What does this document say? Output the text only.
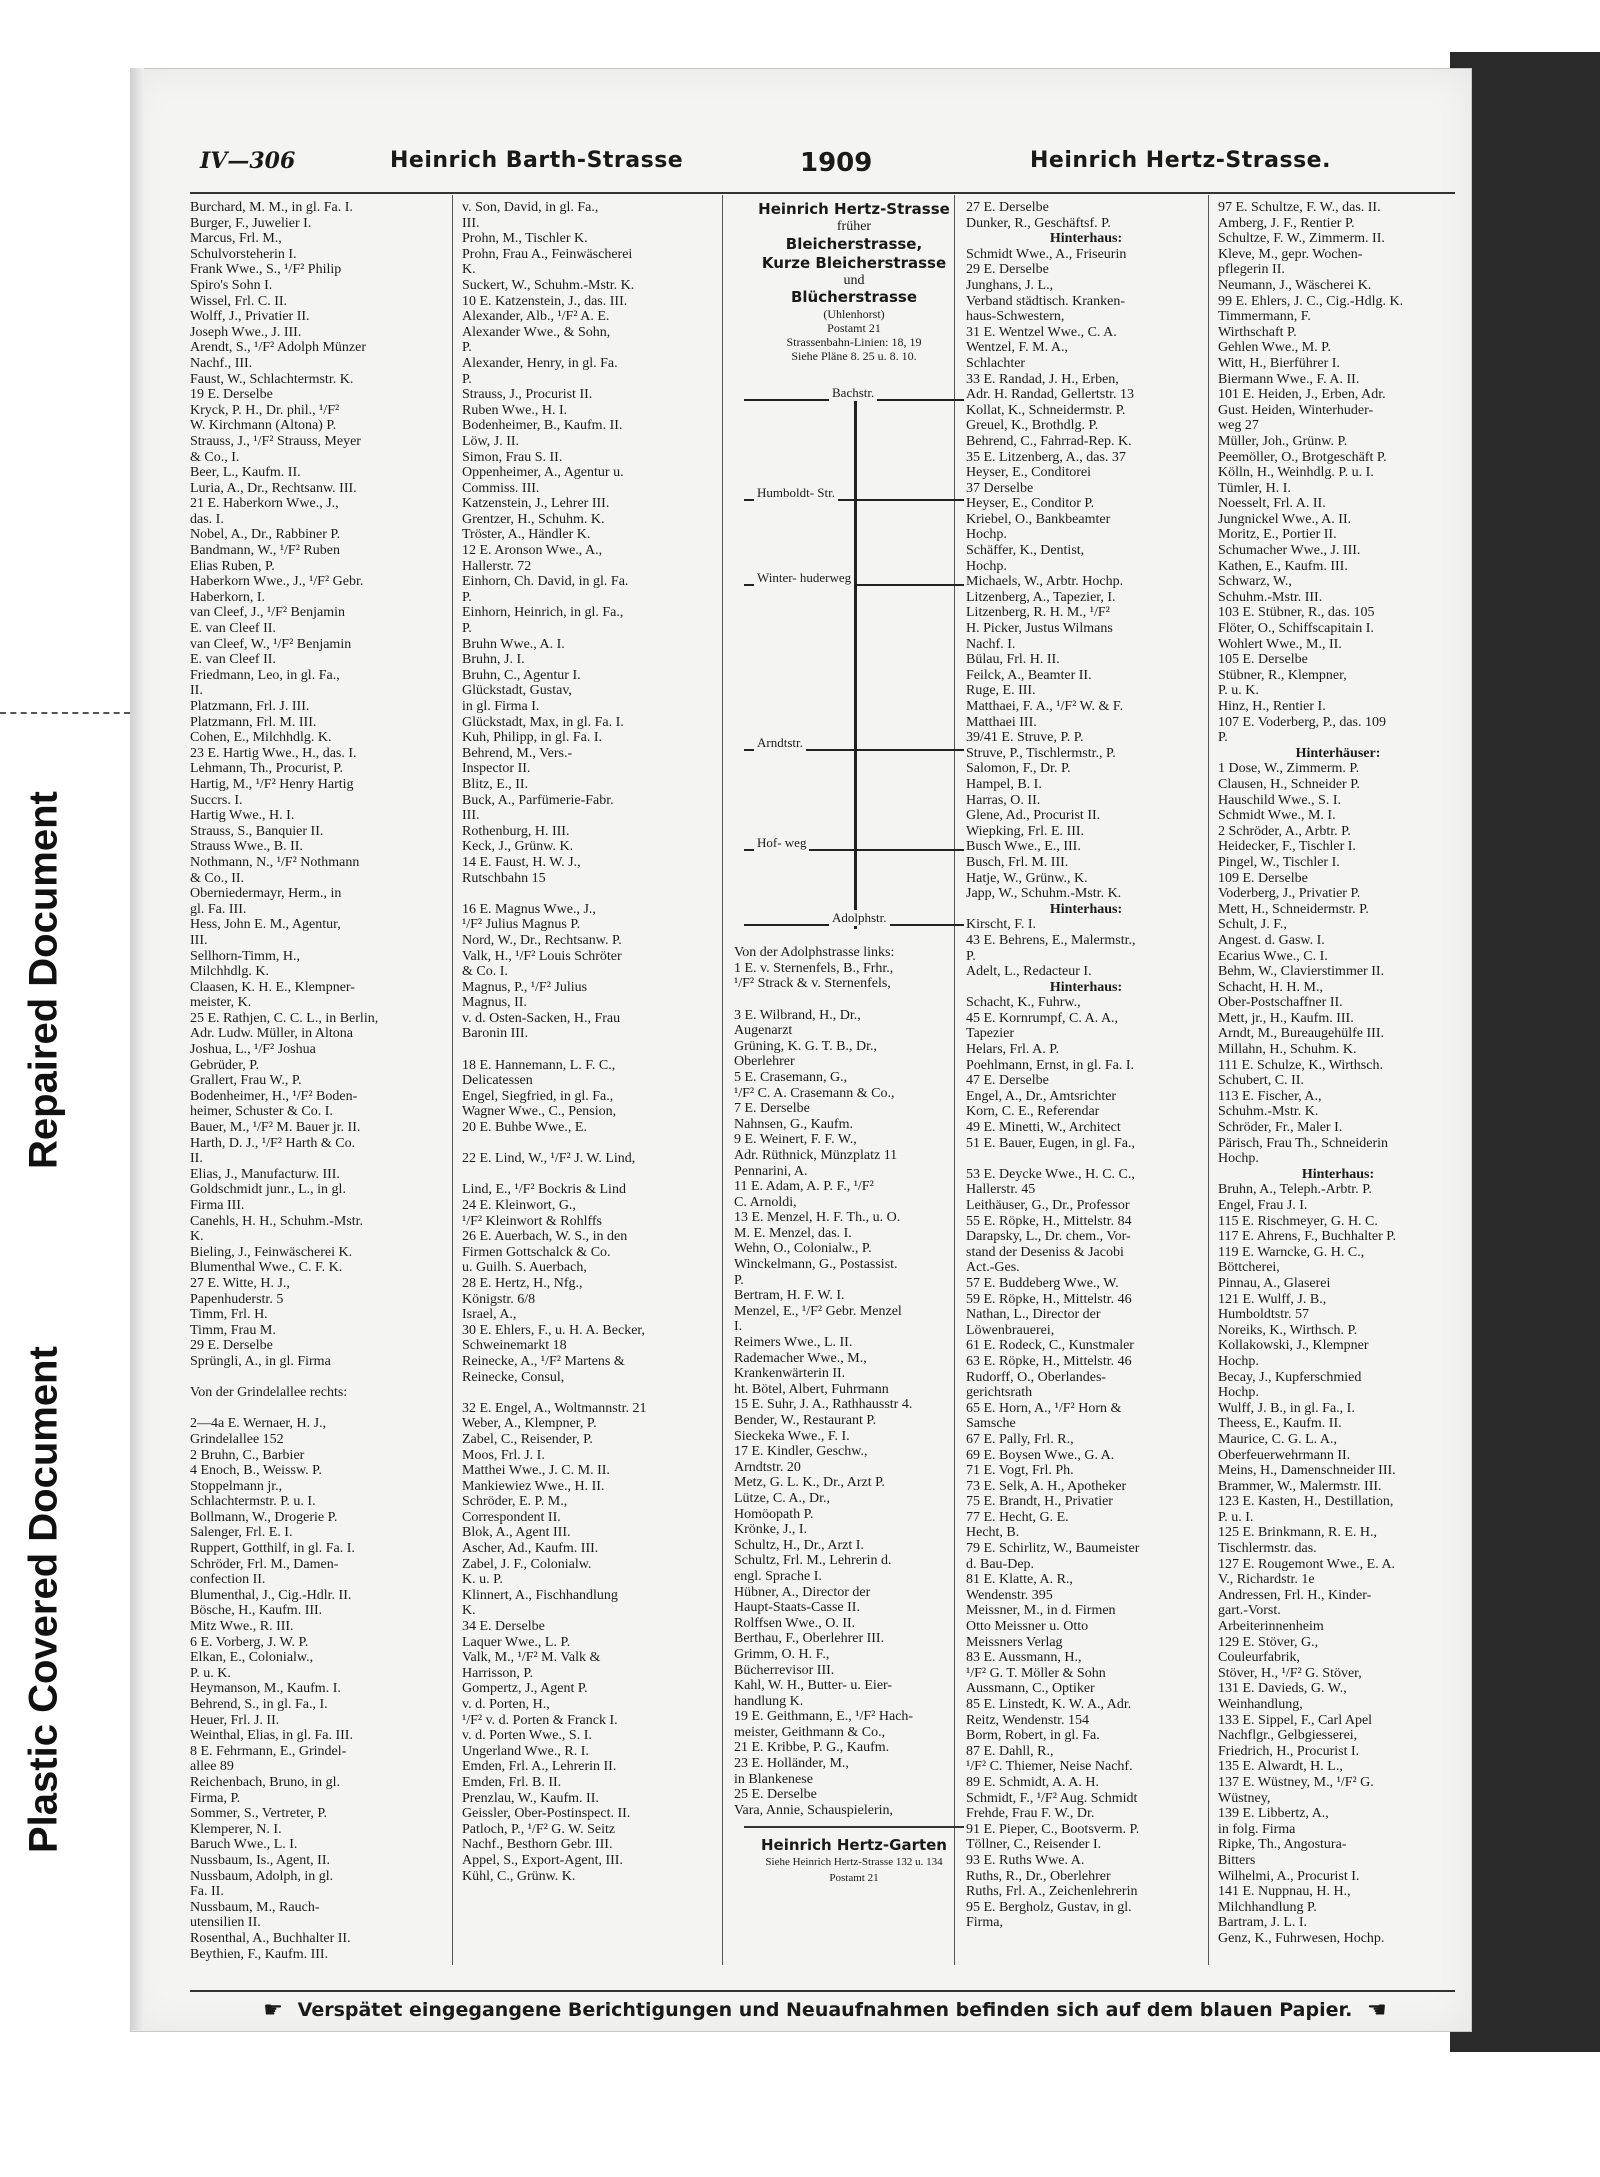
Repaired Document
Plastic Covered Document
IV—306	Heinrich Barth-Strasse	1909	Heinrich Hertz-Strasse.

Burchard, M. M., in gl. Fa. I.

Burger, F., Juwelier I.

Marcus, Frl. M.,

Schulvorsteherin I.

Frank Wwe., S., ¹/F² Philip

Spiro's Sohn I.

Wissel, Frl. C. II.

Wolff, J., Privatier II.

Joseph Wwe., J. III.

Arendt, S., ¹/F² Adolph Münzer

Nachf., III.

Faust, W., Schlachtermstr. K.

19 E. Derselbe

Kryck, P. H., Dr. phil., ¹/F²

W. Kirchmann (Altona) P.

Strauss, J., ¹/F² Strauss, Meyer

& Co., I.

Beer, L., Kaufm. II.

Luria, A., Dr., Rechtsanw. III.

21 E. Haberkorn Wwe., J.,

das. I.

Nobel, A., Dr., Rabbiner P.

Bandmann, W., ¹/F² Ruben

Elias Ruben, P.

Haberkorn Wwe., J., ¹/F² Gebr.

Haberkorn, I.

van Cleef, J., ¹/F² Benjamin

E. van Cleef II.

van Cleef, W., ¹/F² Benjamin

E. van Cleef II.

Friedmann, Leo, in gl. Fa.,

II.

Platzmann, Frl. J. III.

Platzmann, Frl. M. III.

Cohen, E., Milchhdlg. K.

23 E. Hartig Wwe., H., das. I.

Lehmann, Th., Procurist, P.

Hartig, M., ¹/F² Henry Hartig

Succrs. I.

Hartig Wwe., H. I.

Strauss, S., Banquier II.

Strauss Wwe., B. II.

Nothmann, N., ¹/F² Nothmann

& Co., II.

Oberniedermayr, Herm., in

gl. Fa. III.

Hess, John E. M., Agentur,

III.

Sellhorn-Timm, H.,

Milchhdlg. K.

Claasen, K. H. E., Klempner-

meister, K.

25 E. Rathjen, C. C. L., in Berlin,

Adr. Ludw. Müller, in Altona

Joshua, L., ¹/F² Joshua

Gebrüder, P.

Grallert, Frau W., P.

Bodenheimer, H., ¹/F² Boden-

heimer, Schuster & Co. I.

Bauer, M., ¹/F² M. Bauer jr. II.

Harth, D. J., ¹/F² Harth & Co.

II.

Elias, J., Manufacturw. III.

Goldschmidt junr., L., in gl.

Firma III.

Canehls, H. H., Schuhm.-Mstr.

K.

Bieling, J., Feinwäscherei K.

Blumenthal Wwe., C. F. K.

27 E. Witte, H. J.,

Papenhuderstr. 5

Timm, Frl. H.

Timm, Frau M.

29 E. Derselbe

Sprüngli, A., in gl. Firma

Von der Grindelallee rechts:

2—4a E. Wernaer, H. J.,

Grindelallee 152

2 Bruhn, C., Barbier

4 Enoch, B., Weissw. P.

Stoppelmann jr.,

Schlachtermstr. P. u. I.

Bollmann, W., Drogerie P.

Salenger, Frl. E. I.

Ruppert, Gotthilf, in gl. Fa. I.

Schröder, Frl. M., Damen-

confection II.

Blumenthal, J., Cig.-Hdlr. II.

Bösche, H., Kaufm. III.

Mitz Wwe., R. III.

6 E. Vorberg, J. W. P.

Elkan, E., Colonialw.,

P. u. K.

Heymanson, M., Kaufm. I.

Behrend, S., in gl. Fa., I.

Heuer, Frl. J. II.

Weinthal, Elias, in gl. Fa. III.

8 E. Fehrmann, E., Grindel-

allee 89

Reichenbach, Bruno, in gl.

Firma, P.

Sommer, S., Vertreter, P.

Klemperer, N. I.

Baruch Wwe., L. I.

Nussbaum, Is., Agent, II.

Nussbaum, Adolph, in gl.

Fa. II.

Nussbaum, M., Rauch-

utensilien II.

Rosenthal, A., Buchhalter II.

Beythien, F., Kaufm. III.

v. Son, David, in gl. Fa.,

III.

Prohn, M., Tischler K.

Prohn, Frau A., Feinwäscherei

K.

Suckert, W., Schuhm.-Mstr. K.

10 E. Katzenstein, J., das. III.

Alexander, Alb., ¹/F² A. E.

Alexander Wwe., & Sohn,

P.

Alexander, Henry, in gl. Fa.

P.

Strauss, J., Procurist II.

Ruben Wwe., H. I.

Bodenheimer, B., Kaufm. II.

Löw, J. II.

Simon, Frau S. II.

Oppenheimer, A., Agentur u.

Commiss. III.

Katzenstein, J., Lehrer III.

Grentzer, H., Schuhm. K.

Tröster, A., Händler K.

12 E. Aronson Wwe., A.,

Hallerstr. 72

Einhorn, Ch. David, in gl. Fa.

P.

Einhorn, Heinrich, in gl. Fa.,

P.

Bruhn Wwe., A. I.

Bruhn, J. I.

Bruhn, C., Agentur I.

Glückstadt, Gustav,

in gl. Firma I.

Glückstadt, Max, in gl. Fa. I.

Kuh, Philipp, in gl. Fa. I.

Behrend, M., Vers.-

Inspector II.

Blitz, E., II.

Buck, A., Parfümerie-Fabr.

III.

Rothenburg, H. III.

Keck, J., Grünw. K.

14 E. Faust, H. W. J.,

Rutschbahn 15

16 E. Magnus Wwe., J.,

¹/F² Julius Magnus P.

Nord, W., Dr., Rechtsanw. P.

Valk, H., ¹/F² Louis Schröter

& Co. I.

Magnus, P., ¹/F² Julius

Magnus, II.

v. d. Osten-Sacken, H., Frau

Baronin III.

18 E. Hannemann, L. F. C.,

Delicatessen

Engel, Siegfried, in gl. Fa.,

Wagner Wwe., C., Pension,

20 E. Buhbe Wwe., E.

22 E. Lind, W., ¹/F² J. W. Lind,

Lind, E., ¹/F² Bockris & Lind

24 E. Kleinwort, G.,

¹/F² Kleinwort & Rohlffs

26 E. Auerbach, W. S., in den

Firmen Gottschalck & Co.

u. Guilh. S. Auerbach,

28 E. Hertz, H., Nfg.,

Königstr. 6/8

Israel, A.,

30 E. Ehlers, F., u. H. A. Becker,

Schweinemarkt 18

Reinecke, A., ¹/F² Martens &

Reinecke, Consul,

32 E. Engel, A., Woltmannstr. 21

Weber, A., Klempner, P.

Zabel, C., Reisender, P.

Moos, Frl. J. I.

Matthei Wwe., J. C. M. II.

Mankiewiez Wwe., H. II.

Schröder, E. P. M.,

Correspondent II.

Blok, A., Agent III.

Ascher, Ad., Kaufm. III.

Zabel, J. F., Colonialw.

K. u. P.

Klinnert, A., Fischhandlung

K.

34 E. Derselbe

Laquer Wwe., L. P.

Valk, M., ¹/F² M. Valk &

Harrisson, P.

Gompertz, J., Agent P.

v. d. Porten, H.,

¹/F² v. d. Porten & Franck I.

v. d. Porten Wwe., S. I.

Ungerland Wwe., R. I.

Emden, Frl. A., Lehrerin II.

Emden, Frl. B. II.

Prenzlau, W., Kaufm. II.

Geissler, Ober-Postinspect. II.

Patloch, P., ¹/F² G. W. Seitz

Nachf., Besthorn Gebr. III.

Appel, S., Export-Agent, III.

Kühl, C., Grünw. K.

Heinrich Hertz-Strasse
früher
Bleicherstrasse,
Kurze Bleicherstrasse
und
Blücherstrasse
(Uhlenhorst)
Postamt 21
Strassenbahn-Linien: 18, 19
Siehe Pläne 8. 25 u. 8. 10.
Bachstr.
Humboldt- Str.
Winter- huderweg
Arndtstr.
Hof- weg
Adolphstr.

Von der Adolphstrasse links:

1 E. v. Sternenfels, B., Frhr.,

¹/F² Strack & v. Sternenfels,

3 E. Wilbrand, H., Dr.,

Augenarzt

Grüning, K. G. T. B., Dr.,

Oberlehrer

5 E. Crasemann, G.,

¹/F² C. A. Crasemann & Co.,

7 E. Derselbe

Nahnsen, G., Kaufm.

9 E. Weinert, F. F. W.,

Adr. Rüthnick, Münzplatz 11

Pennarini, A.

11 E. Adam, A. P. F., ¹/F²

C. Arnoldi,

13 E. Menzel, H. F. Th., u. O.

M. E. Menzel, das. I.

Wehn, O., Colonialw., P.

Winckelmann, G., Postassist.

P.

Bertram, H. F. W. I.

Menzel, E., ¹/F² Gebr. Menzel

I.

Reimers Wwe., L. II.

Rademacher Wwe., M.,

Krankenwärterin II.

ht. Bötel, Albert, Fuhrmann

15 E. Suhr, J. A., Rathhausstr 4.

Bender, W., Restaurant P.

Sieckeka Wwe., F. I.

17 E. Kindler, Geschw.,

Arndtstr. 20

Metz, G. L. K., Dr., Arzt P.

Lütze, C. A., Dr.,

Homöopath P.

Krönke, J., I.

Schultz, H., Dr., Arzt I.

Schultz, Frl. M., Lehrerin d.

engl. Sprache I.

Hübner, A., Director der

Haupt-Staats-Casse II.

Rolffsen Wwe., O. II.

Berthau, F., Oberlehrer III.

Grimm, O. H. F.,

Bücherrevisor III.

Kahl, W. H., Butter- u. Eier-

handlung K.

19 E. Geithmann, E., ¹/F² Hach-

meister, Geithmann & Co.,

21 E. Kribbe, P. G., Kaufm.

23 E. Holländer, M.,

in Blankenese

25 E. Derselbe

Vara, Annie, Schauspielerin,

Heinrich Hertz-Garten
Siehe Heinrich Hertz-Strasse 132 u. 134
Postamt 21

27 E. Derselbe

Dunker, R., Geschäftsf. P.

Hinterhaus:

Schmidt Wwe., A., Friseurin

29 E. Derselbe

Junghans, J. L.,

Verband städtisch. Kranken-

haus-Schwestern,

31 E. Wentzel Wwe., C. A.

Wentzel, F. M. A.,

Schlachter

33 E. Randad, J. H., Erben,

Adr. H. Randad, Gellertstr. 13

Kollat, K., Schneidermstr. P.

Greuel, K., Brothdlg. P.

Behrend, C., Fahrrad-Rep. K.

35 E. Litzenberg, A., das. 37

Heyser, E., Conditorei

37 Derselbe

Heyser, E., Conditor P.

Kriebel, O., Bankbeamter

Hochp.

Schäffer, K., Dentist,

Hochp.

Michaels, W., Arbtr. Hochp.

Litzenberg, A., Tapezier, I.

Litzenberg, R. H. M., ¹/F²

H. Picker, Justus Wilmans

Nachf. I.

Bülau, Frl. H. II.

Feilck, A., Beamter II.

Ruge, E. III.

Matthaei, F. A., ¹/F² W. & F.

Matthaei III.

39/41 E. Struve, P. P.

Struve, P., Tischlermstr., P.

Salomon, F., Dr. P.

Hampel, B. I.

Harras, O. II.

Glene, Ad., Procurist II.

Wiepking, Frl. E. III.

Busch Wwe., E., III.

Busch, Frl. M. III.

Hatje, W., Grünw., K.

Japp, W., Schuhm.-Mstr. K.

Hinterhaus:

Kirscht, F. I.

43 E. Behrens, E., Malermstr.,

P.

Adelt, L., Redacteur I.

Hinterhaus:

Schacht, K., Fuhrw.,

45 E. Kornrumpf, C. A. A.,

Tapezier

Helars, Frl. A. P.

Poehlmann, Ernst, in gl. Fa. I.

47 E. Derselbe

Engel, A., Dr., Amtsrichter

Korn, C. E., Referendar

49 E. Minetti, W., Architect

51 E. Bauer, Eugen, in gl. Fa.,

53 E. Deycke Wwe., H. C. C.,

Hallerstr. 45

Leithäuser, G., Dr., Professor

55 E. Röpke, H., Mittelstr. 84

Darapsky, L., Dr. chem., Vor-

stand der Deseniss & Jacobi

Act.-Ges.

57 E. Buddeberg Wwe., W.

59 E. Röpke, H., Mittelstr. 46

Nathan, L., Director der

Löwenbrauerei,

61 E. Rodeck, C., Kunstmaler

63 E. Röpke, H., Mittelstr. 46

Rudorff, O., Oberlandes-

gerichtsrath

65 E. Horn, A., ¹/F² Horn &

Samsche

67 E. Pally, Frl. R.,

69 E. Boysen Wwe., G. A.

71 E. Vogt, Frl. Ph.

73 E. Selk, A. H., Apotheker

75 E. Brandt, H., Privatier

77 E. Hecht, G. E.

Hecht, B.

79 E. Schirlitz, W., Baumeister

d. Bau-Dep.

81 E. Klatte, A. R.,

Wendenstr. 395

Meissner, M., in d. Firmen

Otto Meissner u. Otto

Meissners Verlag

83 E. Aussmann, H.,

¹/F² G. T. Möller & Sohn

Aussmann, C., Optiker

85 E. Linstedt, K. W. A., Adr.

Reitz, Wendenstr. 154

Borm, Robert, in gl. Fa.

87 E. Dahll, R.,

¹/F² C. Thiemer, Neise Nachf.

89 E. Schmidt, A. A. H.

Schmidt, F., ¹/F² Aug. Schmidt

Frehde, Frau F. W., Dr.

91 E. Pieper, C., Bootsverm. P.

Töllner, C., Reisender I.

93 E. Ruths Wwe. A.

Ruths, R., Dr., Oberlehrer

Ruths, Frl. A., Zeichenlehrerin

95 E. Bergholz, Gustav, in gl.

Firma,

97 E. Schultze, F. W., das. II.

Amberg, J. F., Rentier P.

Schultze, F. W., Zimmerm. II.

Kleve, M., gepr. Wochen-

pflegerin II.

Neumann, J., Wäscherei K.

99 E. Ehlers, J. C., Cig.-Hdlg. K.

Timmermann, F.

Wirthschaft P.

Gehlen Wwe., M. P.

Witt, H., Bierführer I.

Biermann Wwe., F. A. II.

101 E. Heiden, J., Erben, Adr.

Gust. Heiden, Winterhuder-

weg 27

Müller, Joh., Grünw. P.

Peemöller, O., Brotgeschäft P.

Kölln, H., Weinhdlg. P. u. I.

Tümler, H. I.

Noesselt, Frl. A. II.

Jungnickel Wwe., A. II.

Moritz, E., Portier II.

Schumacher Wwe., J. III.

Kathen, E., Kaufm. III.

Schwarz, W.,

Schuhm.-Mstr. III.

103 E. Stübner, R., das. 105

Flöter, O., Schiffscapitain I.

Wohlert Wwe., M., II.

105 E. Derselbe

Stübner, R., Klempner,

P. u. K.

Hinz, H., Rentier I.

107 E. Voderberg, P., das. 109

P.

Hinterhäuser:

1 Dose, W., Zimmerm. P.

Clausen, H., Schneider P.

Hauschild Wwe., S. I.

Schmidt Wwe., M. I.

2 Schröder, A., Arbtr. P.

Heidecker, F., Tischler I.

Pingel, W., Tischler I.

109 E. Derselbe

Voderberg, J., Privatier P.

Mett, H., Schneidermstr. P.

Schult, J. F.,

Angest. d. Gasw. I.

Ecarius Wwe., C. I.

Behm, W., Clavierstimmer II.

Schacht, H. H. M.,

Ober-Postschaffner II.

Mett, jr., H., Kaufm. III.

Arndt, M., Bureaugehülfe III.

Millahn, H., Schuhm. K.

111 E. Schulze, K., Wirthsch.

Schubert, C. II.

113 E. Fischer, A.,

Schuhm.-Mstr. K.

Schröder, Fr., Maler I.

Pärisch, Frau Th., Schneiderin

Hochp.

Hinterhaus:

Bruhn, A., Teleph.-Arbtr. P.

Engel, Frau J. I.

115 E. Rischmeyer, G. H. C.

117 E. Ahrens, F., Buchhalter P.

119 E. Warncke, G. H. C.,

Böttcherei,

Pinnau, A., Glaserei

121 E. Wulff, J. B.,

Humboldtstr. 57

Noreiks, K., Wirthsch. P.

Kollakowski, J., Klempner

Hochp.

Becay, J., Kupferschmied

Hochp.

Wulff, J. B., in gl. Fa., I.

Theess, E., Kaufm. II.

Maurice, C. G. L. A.,

Oberfeuerwehrmann II.

Meins, H., Damenschneider III.

Brammer, W., Malermstr. III.

123 E. Kasten, H., Destillation,

P. u. I.

125 E. Brinkmann, R. E. H.,

Tischlermstr. das.

127 E. Rougemont Wwe., E. A.

V., Richardstr. 1e

Andressen, Frl. H., Kinder-

gart.-Vorst.

Arbeiterinnenheim

129 E. Stöver, G.,

Couleurfabrik,

Stöver, H., ¹/F² G. Stöver,

131 E. Daviеds, G. W.,

Weinhandlung,

133 E. Sippel, F., Carl Apel

Nachflgr., Gelbgiesserei,

Friedrich, H., Procurist I.

135 E. Alwardt, H. L.,

137 E. Wüstney, M., ¹/F² G.

Wüstney,

139 E. Libbertz, A.,

in folg. Firma

Ripke, Th., Angostura-

Bitters

Wilhelmi, A., Procurist I.

141 E. Nuppnau, H. H.,

Milchhandlung P.

Bartram, J. L. I.

Genz, K., Fuhrwesen, Hochp.

☛ Verspätet eingegangene Berichtigungen und Neuaufnahmen befinden sich auf dem blauen Papier. ☚
